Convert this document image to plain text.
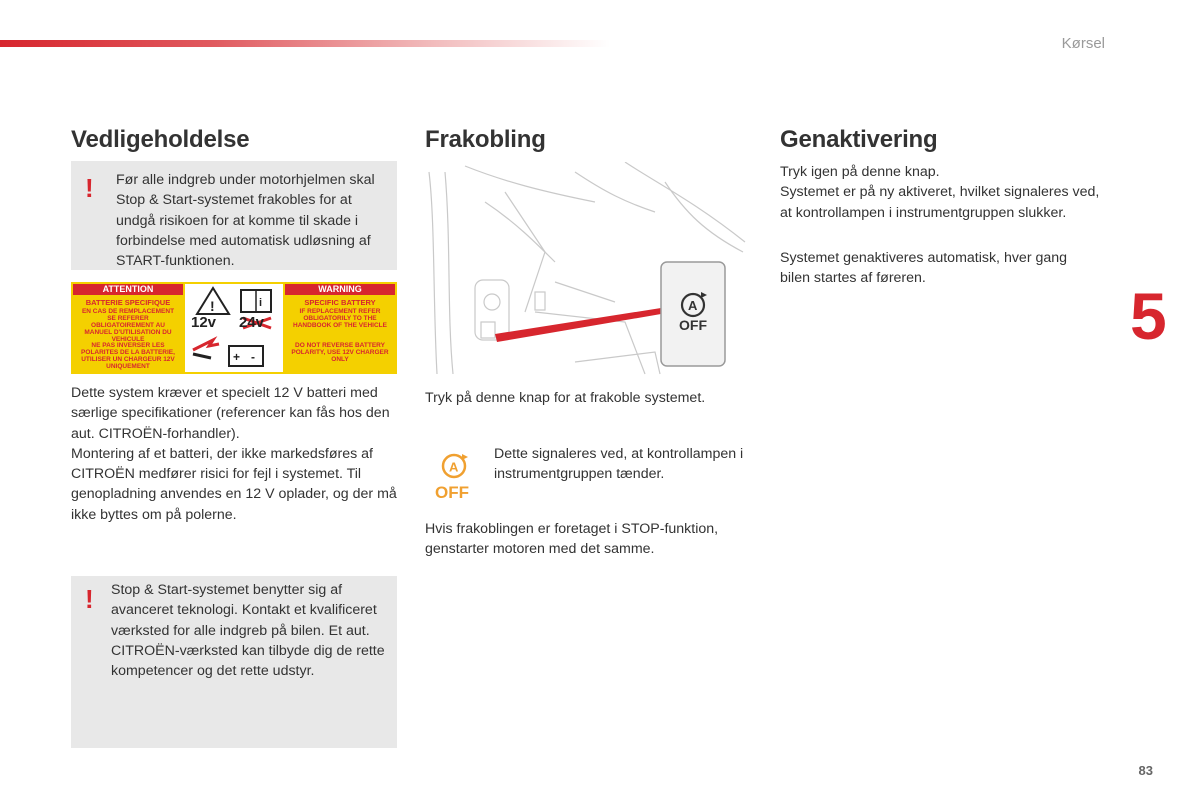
Kørsel
5
83
Vedligeholdelse
! Før alle indgreb under motorhjelmen skal Stop & Start-systemet frakobles for at undgå risikoen for at komme til skade i forbindelse med automatisk udløsning af START-funktionen.
ATTENTION	WARNING
BATTERIE SPECIFIQUE
EN CAS DE REMPLACEMENT SE REFERER OBLIGATOIREMENT AU MANUEL D'UTILISATION DU VEHICULE
SPECIFIC BATTERY
IF REPLACEMENT REFER OBLIGATORILY TO THE HANDBOOK OF THE VEHICLE
NE PAS INVERSER LES POLARITES DE LA BATTERIE, UTILISER UN CHARGEUR 12V UNIQUEMENT
DO NOT REVERSE BATTERY POLARITY, USE 12V CHARGER ONLY
!	i
+ -
12v 24v
Dette system kræver et specielt 12 V batteri med særlige specifikationer (referencer kan fås hos den aut. CITROËN-forhandler).
Montering af et batteri, der ikke markedsføres af CITROËN medfører risici for fejl i systemet. Til genopladning anvendes en 12 V oplader, og der må ikke byttes om på polerne.
! Stop & Start-systemet benytter sig af avanceret teknologi. Kontakt et kvalificeret værksted for alle indgreb på bilen. Et aut. CITROËN-værksted kan tilbyde dig de rette kompetencer og det rette udstyr.
Frakobling
A
OFF
Tryk på denne knap for at frakoble systemet.
A
OFF
Dette signaleres ved, at kontrollampen i instrumentgruppen tænder.
Hvis frakoblingen er foretaget i STOP-funktion, genstarter motoren med det samme.
Genaktivering
Tryk igen på denne knap.
Systemet er på ny aktiveret, hvilket signaleres ved, at kontrollampen i instrumentgruppen slukker.
Systemet genaktiveres automatisk, hver gang bilen startes af føreren.
